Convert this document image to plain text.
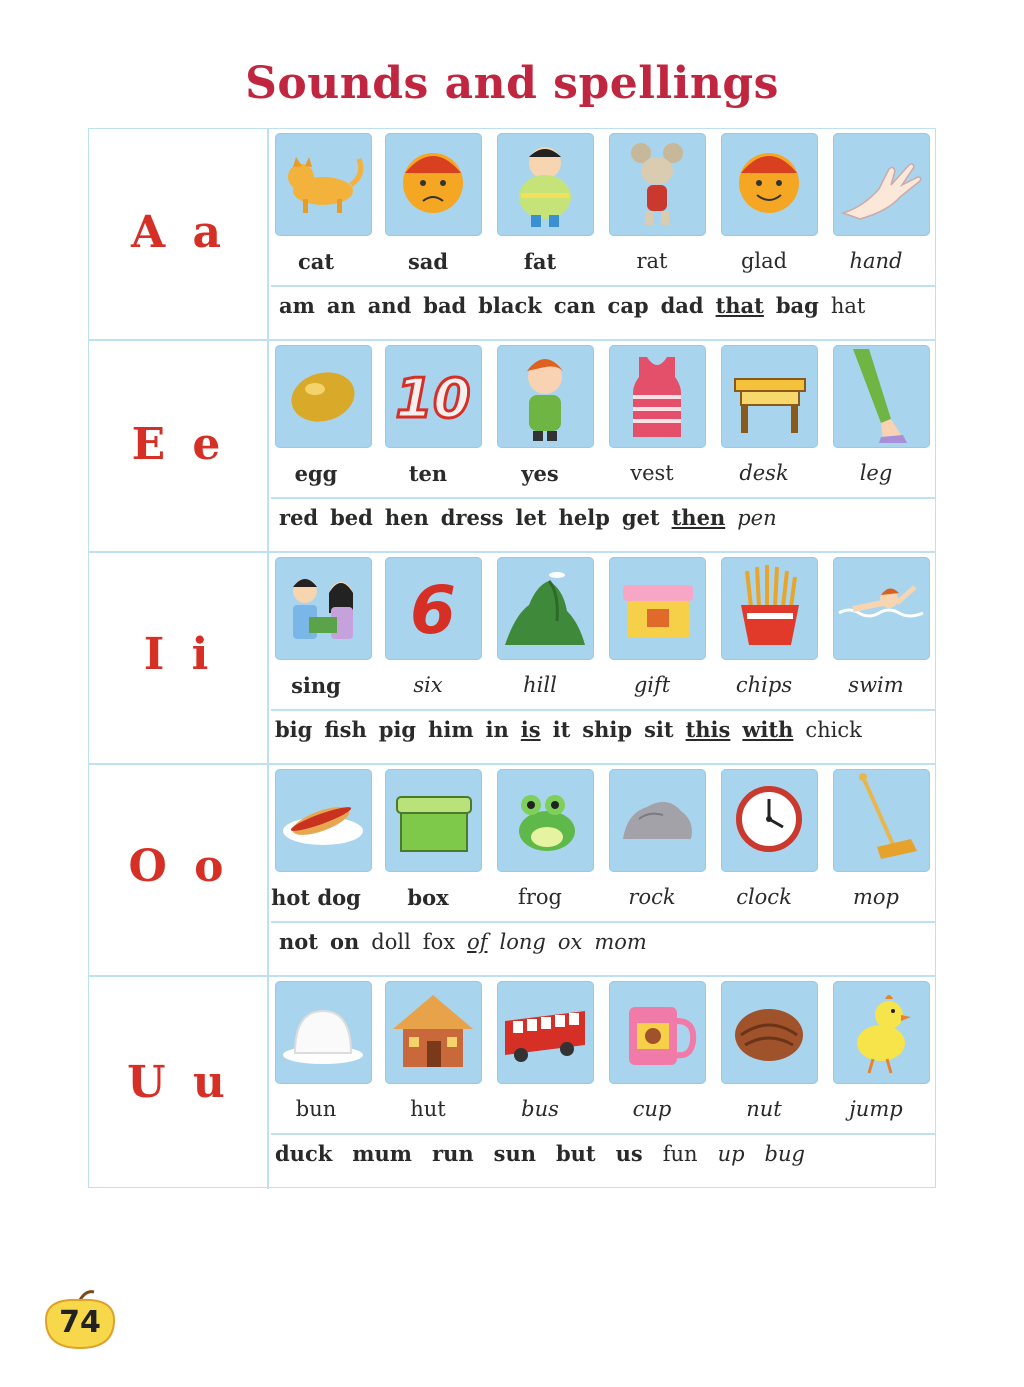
Sounds and spellings
A a
cat	sad	fat	rat	glad	hand
am an and bad black can cap dad that bag hat
E e
10
egg	ten	yes	vest	desk	leg
red bed hen dress let help get then pen
I i
6
sing	six	hill	gift	chips	swim
big fish pig him in is it ship sit this with chick
O o
hot dog	box	frog	rock	clock	mop
not on doll fox of long ox mom
U u
bun	hut	bus	cup	nut	jump
duck mum run sun but us fun up bug
74
